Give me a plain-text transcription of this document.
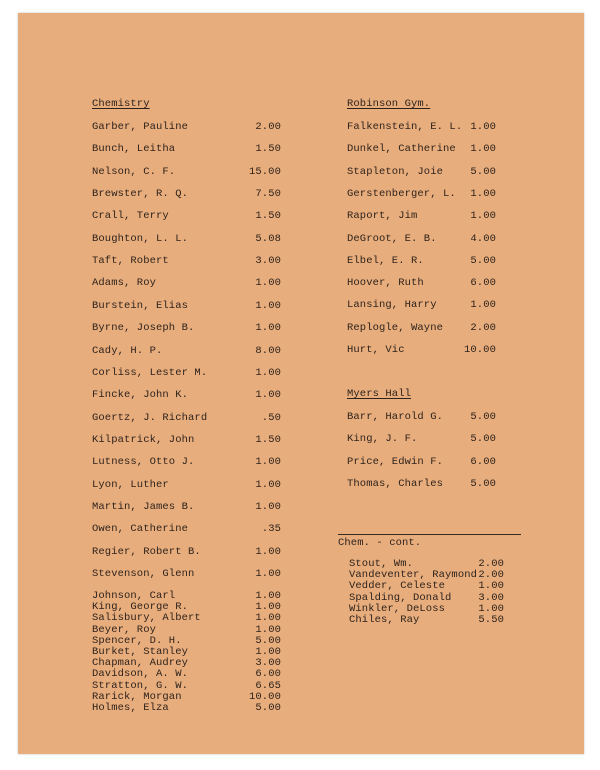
Chemistry
Garber, Pauline	2.00
Bunch, Leitha	1.50
Nelson, C. F.	15.00
Brewster, R. Q.	7.50
Crall, Terry	1.50
Boughton, L. L.	5.08
Taft, Robert	3.00
Adams, Roy	1.00
Burstein, Elias	1.00
Byrne, Joseph B.	1.00
Cady, H. P.	8.00
Corliss, Lester M.	1.00
Fincke, John K.	1.00
Goertz, J. Richard	.50
Kilpatrick, John	1.50
Lutness, Otto J.	1.00
Lyon, Luther	1.00
Martin, James B.	1.00
Owen, Catherine	.35
Regier, Robert B.	1.00
Stevenson, Glenn	1.00
Johnson, Carl	1.00
King, George R.	1.00
Salisbury, Albert	1.00
Beyer, Roy	1.00
Spencer, D. H.	5.00
Burket, Stanley	1.00
Chapman, Audrey	3.00
Davidson, A. W.	6.00
Stratton, G. W.	6.65
Rarick, Morgan	10.00
Holmes, Elza	5.00
Robinson Gym.
Falkenstein, E. L. 1.00
Dunkel, Catherine	1.00
Stapleton, Joie	5.00
Gerstenberger, L.	1.00
Raport, Jim	1.00
DeGroot, E. B.	4.00
Elbel, E. R.	5.00
Hoover, Ruth	6.00
Lansing, Harry	1.00
Replogle, Wayne	2.00
Hurt, Vic	10.00
Myers Hall
Barr, Harold G.	5.00
King, J. F.	5.00
Price, Edwin F.	6.00
Thomas, Charles	5.00
Chem. - cont.
Stout, Wm.	2.00
Vandeventer, Raymond 2.00
Vedder, Celeste	1.00
Spalding, Donald	3.00
Winkler, DeLoss	1.00
Chiles, Ray	5.50
